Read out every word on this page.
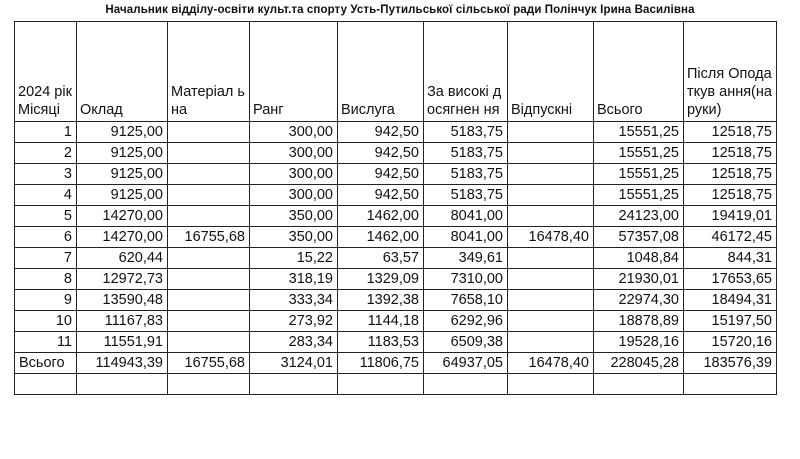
Начальник відділу-освіти культ.та спорту Усть-Путильської сільської ради Полінчук Ірина Василівна
2024 рік Місяці	Оклад	Матеріал ьна	Ранг	Вислуга	За високі досягнен ня	Відпускні	Всього	Після Оподаткув ання(на руки)

1	9125,00		300,00	942,50	5183,75		15551,25	12518,75
2	9125,00		300,00	942,50	5183,75		15551,25	12518,75
3	9125,00		300,00	942,50	5183,75		15551,25	12518,75
4	9125,00		300,00	942,50	5183,75		15551,25	12518,75
5	14270,00		350,00	1462,00	8041,00		24123,00	19419,01
6	14270,00	16755,68	350,00	1462,00	8041,00	16478,40	57357,08	46172,45
7	620,44		15,22	63,57	349,61		1048,84	844,31
8	12972,73		318,19	1329,09	7310,00		21930,01	17653,65
9	13590,48		333,34	1392,38	7658,10		22974,30	18494,31
10	11167,83		273,92	1144,18	6292,96		18878,89	15197,50
11	11551,91		283,34	1183,53	6509,38		19528,16	15720,16
Всього	114943,39	16755,68	3124,01	11806,75	64937,05	16478,40	228045,28	183576,39
